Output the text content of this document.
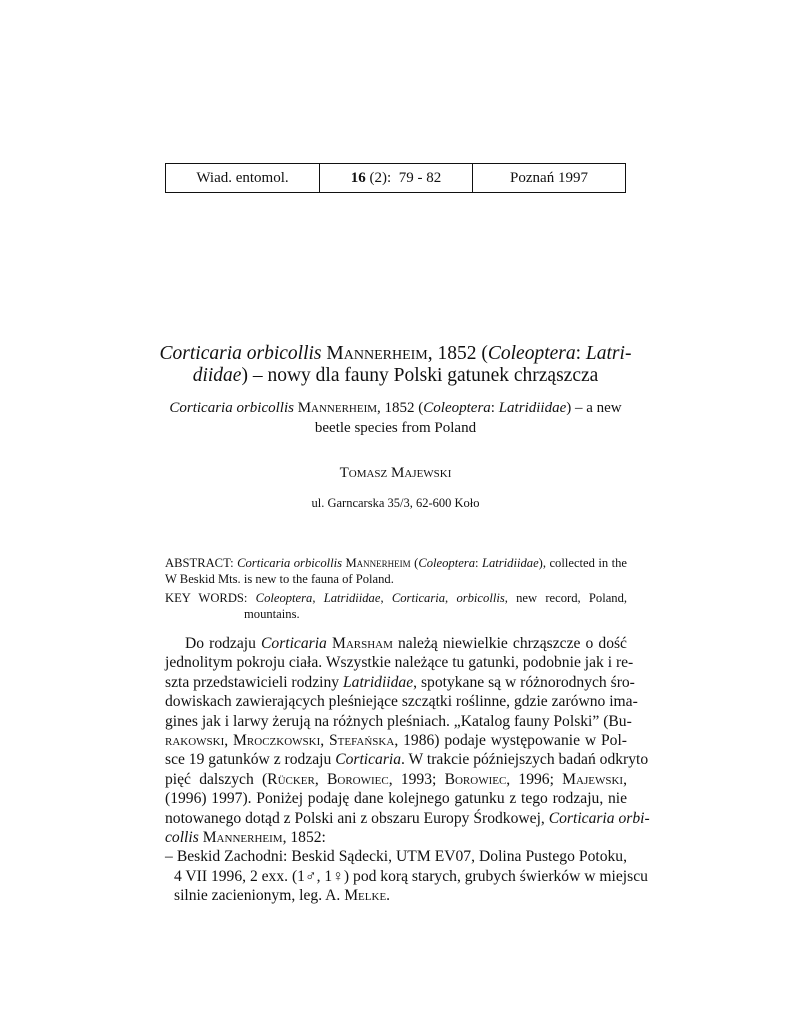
Wiad. entomol.	16 (2):  79 - 82	Poznań 1997
Corticaria orbicollis Mannerheim, 1852 (Coleoptera: Latri-
diidae) – nowy dla fauny Polski gatunek chrząszcza
Corticaria orbicollis Mannerheim, 1852 (Coleoptera: Latridiidae) – a new
beetle species from Poland
Tomasz Majewski
ul. Garncarska 35/3, 62-600 Koło
ABSTRACT: Corticaria orbicollis Mannerheim (Coleoptera: Latridiidae), collected in the W Beskid Mts. is new to the fauna of Poland.
KEY WORDS: Coleoptera, Latridiidae, Corticaria, orbicollis, new record, Poland, mountains.
Do rodzaju Corticaria Marsham należą niewielkie chrząszcze o dość
jednolitym pokroju ciała. Wszystkie należące tu gatunki, podobnie jak i re-
szta przedstawicieli rodziny Latridiidae, spotykane są w różnorodnych śro-
dowiskach zawierających pleśniejące szczątki roślinne, gdzie zarówno ima-
gines jak i larwy żerują na różnych pleśniach. „Katalog fauny Polski” (Bu-
rakowski, Mroczkowski, Stefańska, 1986) podaje występowanie w Pol-
sce 19 gatunków z rodzaju Corticaria. W trakcie późniejszych badań odkryto
pięć dalszych (Rücker, Borowiec, 1993; Borowiec, 1996; Majewski,
(1996) 1997). Poniżej podaję dane kolejnego gatunku z tego rodzaju, nie
notowanego dotąd z Polski ani z obszaru Europy Środkowej, Corticaria orbi-
collis Mannerheim, 1852:
– Beskid Zachodni: Beskid Sądecki, UTM EV07, Dolina Pustego Potoku,
4 VII 1996, 2 exx. (1♂, 1♀) pod korą starych, grubych świerków w miejscu
silnie zacienionym, leg. A. Melke.
